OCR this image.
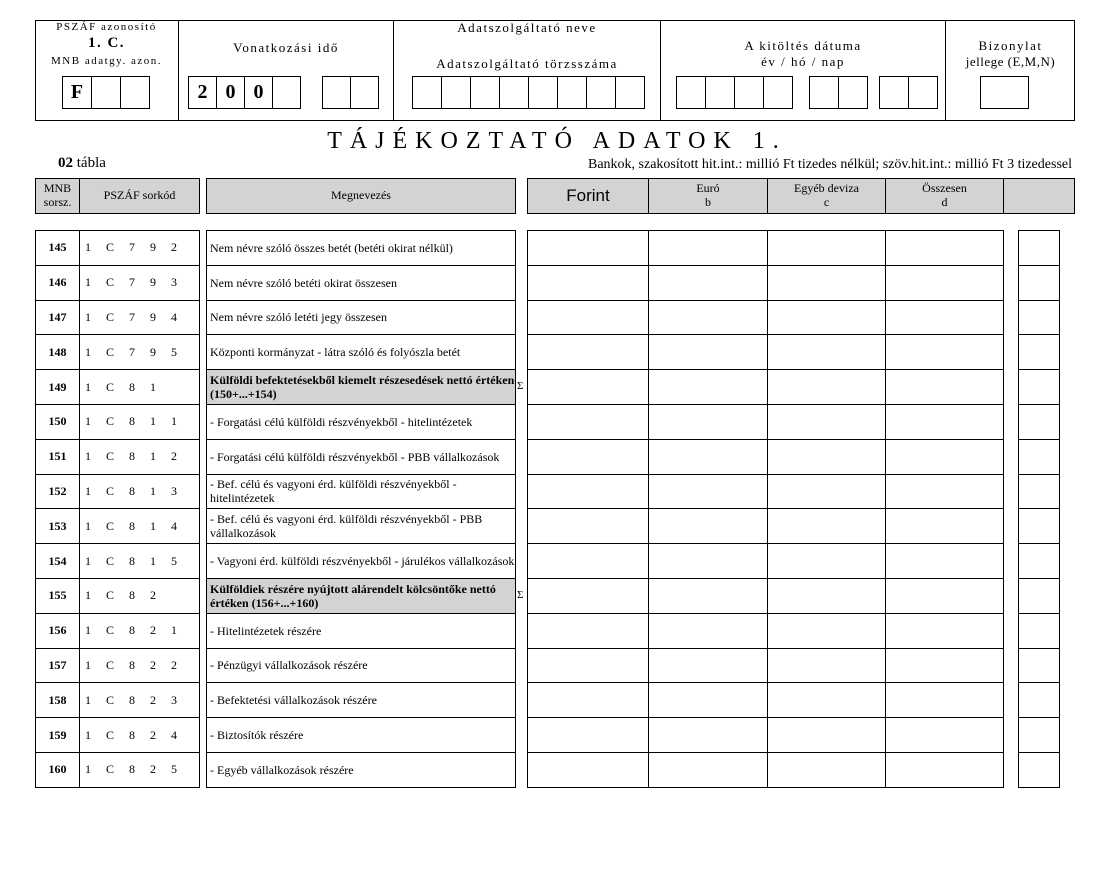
PSZÁF azonosító
1. C.
MNB adatgy. azon.
F
Vonatkozási idő
2 0 0
Adatszolgáltató neve
Adatszolgáltató törzsszáma
A kitöltés dátuma
év / hó / nap
Bizonylat
jellege (E,M,N)
TÁJÉKOZTATÓ ADATOK 1.
02 tábla	Bankok, szakosított hit.int.: millió Ft tizedes nélkül; szöv.hit.int.: millió Ft 3 tizedessel
MNB sorsz.	PSZÁF sorkód	Megnevezés	Forint	Euró
b
Egyéb deviza
c
Összesen
d
145	1 C 7 9 2	Nem névre szóló összes betét (betéti okirat nélkül)
146	1 C 7 9 3	Nem névre szóló betéti okirat összesen
147	1 C 7 9 4	Nem névre szóló letéti jegy összesen
148	1 C 7 9 5	Központi kormányzat - látra szóló és folyószla betét
149	1 C 8 1	Külföldi befektetésekből kiemelt részesedések nettó értéken (150+...+154)
Σ
150	1 C 8 1 1	- Forgatási célú külföldi részvényekből - hitelintézetek
151	1 C 8 1 2	- Forgatási célú külföldi részvényekből - PBB vállalkozások
152	1 C 8 1 3	- Bef. célú és vagyoni érd. külföldi részvényekből - hitelintézetek
153	1 C 8 1 4	- Bef. célú és vagyoni érd. külföldi részvényekből - PBB vállalkozások
154	1 C 8 1 5	- Vagyoni érd. külföldi részvényekből - járulékos vállalkozások
155	1 C 8 2	Külföldiek részére nyújtott alárendelt kölcsöntőke nettó értéken (156+...+160)
Σ
156	1 C 8 2 1	- Hitelintézetek részére
157	1 C 8 2 2	- Pénzügyi vállalkozások részére
158	1 C 8 2 3	- Befektetési vállalkozások részére
159	1 C 8 2 4	- Biztosítók részére
160	1 C 8 2 5	- Egyéb vállalkozások részére
